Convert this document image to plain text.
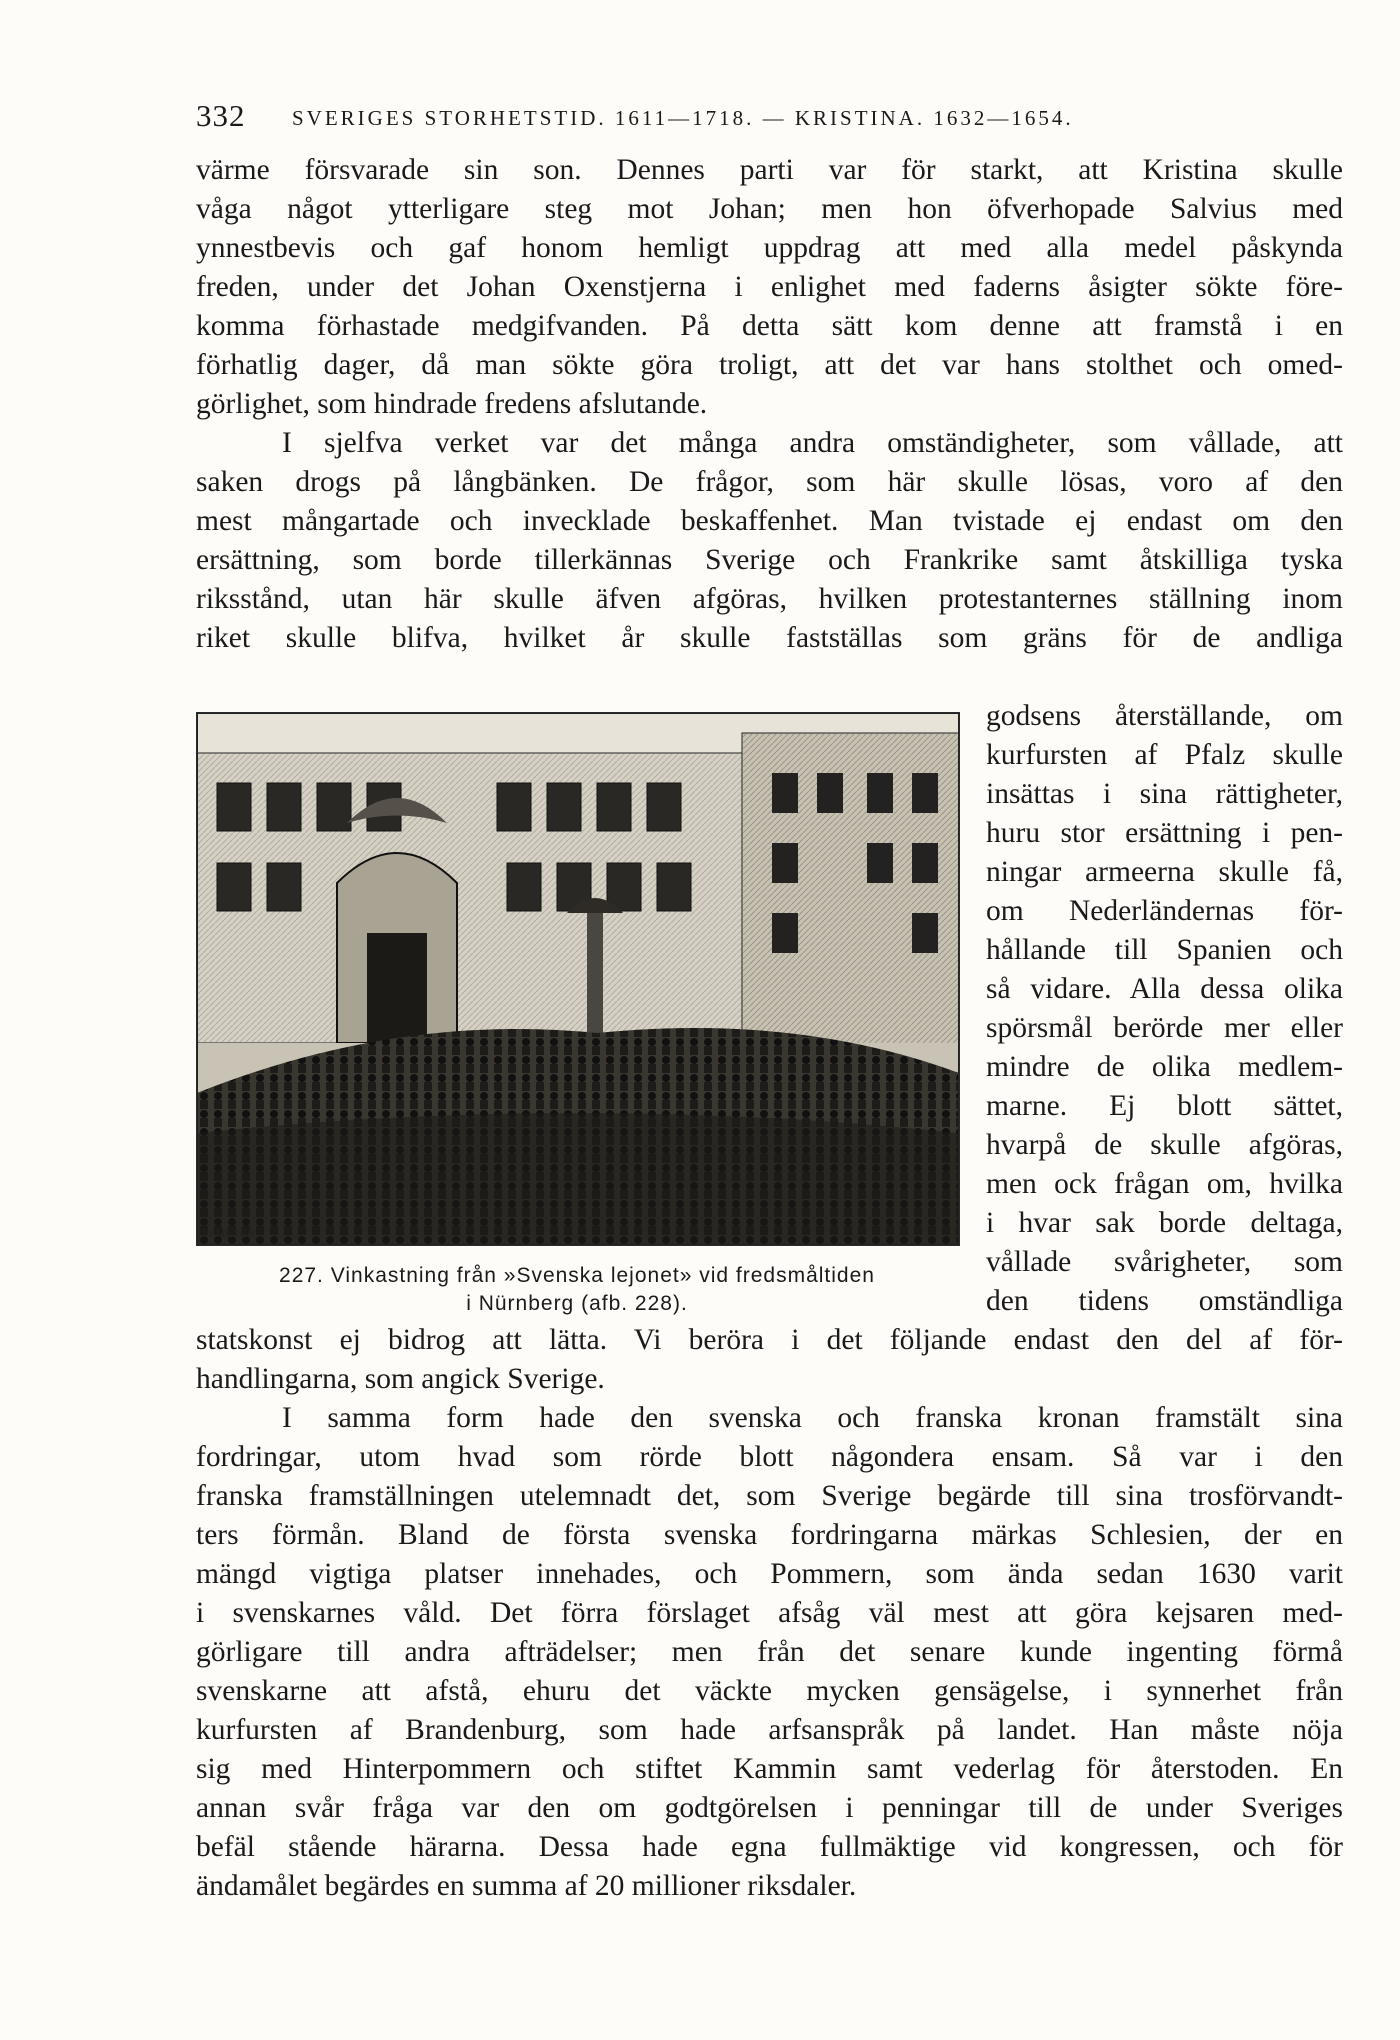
332 SVERIGES STORHETSTID. 1611—1718. — KRISTINA. 1632—1654.

värme försvarade sin son. Dennes parti var för starkt, att Kristina skulle

våga något ytterligare steg mot Johan; men hon öfverhopade Salvius med

ynnestbevis och gaf honom hemligt uppdrag att med alla medel påskynda

freden, under det Johan Oxenstjerna i enlighet med faderns åsigter sökte före-

komma förhastade medgifvanden. På detta sätt kom denne att framstå i en

förhatlig dager, då man sökte göra troligt, att det var hans stolthet och omed-

görlighet, som hindrade fredens afslutande.

I sjelfva verket var det många andra omständigheter, som vållade, att

saken drogs på långbänken. De frågor, som här skulle lösas, voro af den

mest mångartade och invecklade beskaffenhet. Man tvistade ej endast om den

ersättning, som borde tillerkännas Sverige och Frankrike samt åtskilliga tyska

riksstånd, utan här skulle äfven afgöras, hvilken protestanternes ställning inom

riket skulle blifva, hvilket år skulle fastställas som gräns för de andliga

W.MEYER.
227. Vinkastning från »Svenska lejonet» vid fredsmåltiden
i Nürnberg (afb. 228).

godsens återställande, om

kurfursten af Pfalz skulle

insättas i sina rättigheter,

huru stor ersättning i pen-

ningar armeerna skulle få,

om Nederländernas för-

hållande till Spanien och

så vidare. Alla dessa olika

spörsmål berörde mer eller

mindre de olika medlem-

marne. Ej blott sättet,

hvarpå de skulle afgöras,

men ock frågan om, hvilka

i hvar sak borde deltaga,

vållade svårigheter, som

den tidens omständliga

statskonst ej bidrog att lätta. Vi beröra i det följande endast den del af för-

handlingarna, som angick Sverige.

I samma form hade den svenska och franska kronan framstält sina

fordringar, utom hvad som rörde blott någondera ensam. Så var i den

franska framställningen utelemnadt det, som Sverige begärde till sina trosförvandt-

ters förmån. Bland de första svenska fordringarna märkas Schlesien, der en

mängd vigtiga platser innehades, och Pommern, som ända sedan 1630 varit

i svenskarnes våld. Det förra förslaget afsåg väl mest att göra kejsaren med-

görligare till andra afträdelser; men från det senare kunde ingenting förmå

svenskarne att afstå, ehuru det väckte mycken gensägelse, i synnerhet från

kurfursten af Brandenburg, som hade arfsanspråk på landet. Han måste nöja

sig med Hinterpommern och stiftet Kammin samt vederlag för återstoden. En

annan svår fråga var den om godtgörelsen i penningar till de under Sveriges

befäl stående härarna. Dessa hade egna fullmäktige vid kongressen, och för

ändamålet begärdes en summa af 20 millioner riksdaler.
